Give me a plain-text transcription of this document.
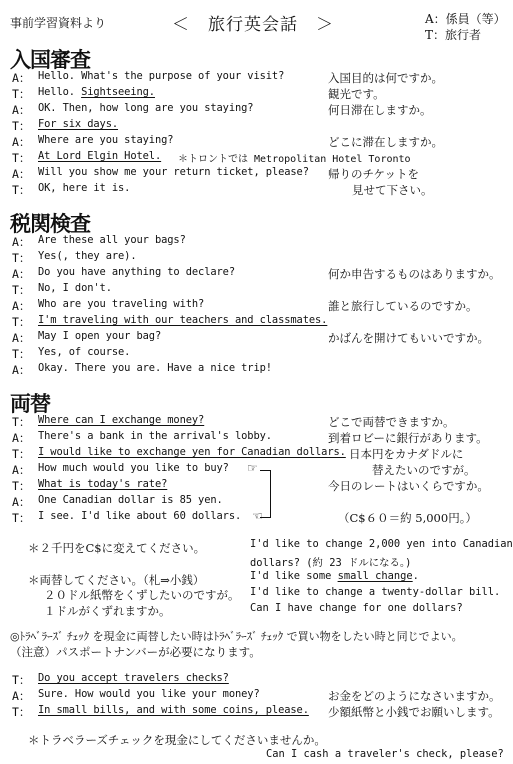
事前学習資料より	＜　旅行英会話　＞	A：係員（等）
T：旅行者
入国審査
A： Hello. What's the purpose of your visit?	入国目的は何ですか。
T： Hello. Sightseeing.	観光です。
A： OK. Then, how long are you staying?	何日滞在しますか。
T： For six days.
A： Where are you staying?	どこに滞在しますか。
T： At Lord Elgin Hotel. ＊トロントでは Metropolitan Hotel Toronto
A： Will you show me your return ticket, please? 帰りのチケットを
T： OK, here it is.	見せて下さい。
税関検査
A： Are these all your bags?
T： Yes(, they are).
A： Do you have anything to declare?	何か申告するものはありますか。
T： No, I don't.
A： Who are you traveling with?	誰と旅行しているのですか。
T： I'm traveling with our teachers and classmates.
A： May I open your bag?	かばんを開けてもいいですか。
T： Yes, of course.
A： Okay. There you are. Have a nice trip!
両替
T： Where can I exchange money?	どこで両替できますか。
A： There's a bank in the arrival's lobby.	到着ロビーに銀行があります。
T： I would like to exchange yen for Canadian dollars. 日本円をカナダドルに
A： How much would you like to buy? ☞	替えたいのですが。
T： What is today's rate?	今日のレートはいくらですか。
A： One Canadian dollar is 85 yen.
T： I see. I'd like about 60 dollars. ☜	（C$６０＝約 5,000円。）
＊２千円をC$に変えてください。	I'd like to change 2,000 yen into Canadian
dollars? (約 23 ドルになる。)
＊両替してください。（札⇒小銭）	I'd like some small change.
２０ドル紙幣をくずしたいのですが。 I'd like to change a twenty-dollar bill.
１ドルがくずれますか。	Can I have change for one dollars?
◎ﾄﾗﾍﾞﾗｰｽﾞ ﾁｪｯｸ を現金に両替したい時はﾄﾗﾍﾞﾗｰｽﾞ ﾁｪｯｸ で買い物をしたい時と同じでよい。
（注意）パスポートナンバーが必要になります。
T： Do you accept travelers checks?
A： Sure. How would you like your money?	お金をどのようになさいますか。
T： In small bills, and with some coins, please. 少額紙幣と小銭でお願いします。
＊トラベラーズチェックを現金にしてくださいませんか。
Can I cash a traveler's check, please?
